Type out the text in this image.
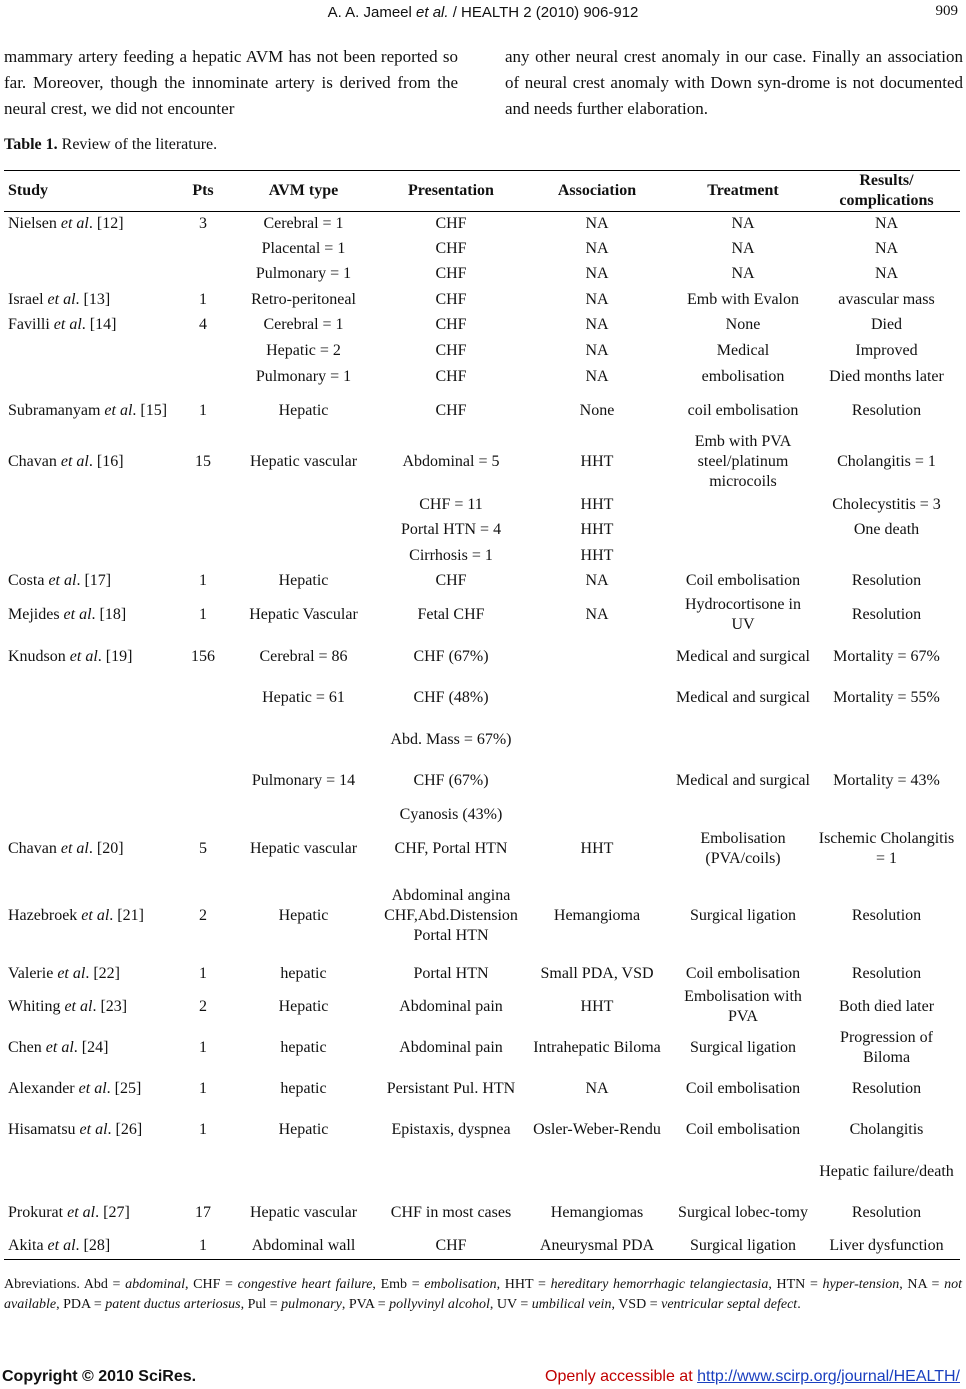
A. A. Jameel et al. / HEALTH 2 (2010) 906-912	909
mammary artery feeding a hepatic AVM has not been reported so far. Moreover, though the innominate artery is derived from the neural crest, we did not encounter
any other neural crest anomaly in our case. Finally an association of neural crest anomaly with Down syn-drome is not documented and needs further elaboration.
Table 1. Review of the literature.
Study	Pts	AVM type	Presentation	Association	Treatment	Results/ complications
Nielsen et al. [12]	3	Cerebral = 1	CHF	NA	NA	NA
		Placental = 1	CHF	NA	NA	NA
		Pulmonary = 1	CHF	NA	NA	NA
Israel et al. [13]	1	Retro-peritoneal	CHF	NA	Emb with Evalon	avascular mass
Favilli et al. [14]	4	Cerebral = 1	CHF	NA	None	Died
		Hepatic = 2	CHF	NA	Medical	Improved
		Pulmonary = 1	CHF	NA	embolisation	Died months later
Subramanyam et al. [15]	1	Hepatic	CHF	None	coil embolisation	Resolution
Chavan et al. [16]	15	Hepatic vascular	Abdominal = 5	HHT	Emb with PVA steel/platinum microcoils	Cholangitis = 1
			CHF = 11	HHT		Cholecystitis = 3
			Portal HTN = 4	HHT		One death
			Cirrhosis = 1	HHT		
Costa et al. [17]	1	Hepatic	CHF	NA	Coil embolisation	Resolution
Mejides et al. [18]	1	Hepatic Vascular	Fetal CHF	NA	Hydrocortisone in UV	Resolution
Knudson et al. [19]	156	Cerebral = 86	CHF (67%)		Medical and surgical	Mortality = 67%
		Hepatic = 61	CHF (48%)		Medical and surgical	Mortality = 55%
			Abd. Mass = 67%)			
		Pulmonary = 14	CHF (67%)		Medical and surgical	Mortality = 43%
			Cyanosis (43%)			
Chavan et al. [20]	5	Hepatic vascular	CHF, Portal HTN	HHT	Embolisation (PVA/coils)	Ischemic Cholangitis = 1
Hazebroek et al. [21]	2	Hepatic	Abdominal angina CHF,Abd.Distension Portal HTN	Hemangioma	Surgical ligation	Resolution
Valerie et al. [22]	1	hepatic	Portal HTN	Small PDA, VSD	Coil embolisation	Resolution
Whiting et al. [23]	2	Hepatic	Abdominal pain	HHT	Embolisation with PVA	Both died later
Chen et al. [24]	1	hepatic	Abdominal pain	Intrahepatic Biloma	Surgical ligation	Progression of Biloma
Alexander et al. [25]	1	hepatic	Persistant Pul. HTN	NA	Coil embolisation	Resolution
Hisamatsu et al. [26]	1	Hepatic	Epistaxis, dyspnea	Osler-Weber-Rendu	Coil embolisation	Cholangitis
						Hepatic failure/death
Prokurat et al. [27]	17	Hepatic vascular	CHF in most cases	Hemangiomas	Surgical lobec-tomy	Resolution
Akita et al. [28]	1	Abdominal wall	CHF	Aneurysmal PDA	Surgical ligation	Liver dysfunction
Abreviations. Abd = abdominal, CHF = congestive heart failure, Emb = embolisation, HHT = hereditary hemorrhagic telangiectasia, HTN = hyper-tension, NA = not available, PDA = patent ductus arteriosus, Pul = pulmonary, PVA = pollyvinyl alcohol, UV = umbilical vein, VSD = ventricular septal defect.
Copyright © 2010 SciRes.	Openly accessible at http://www.scirp.org/journal/HEALTH/
